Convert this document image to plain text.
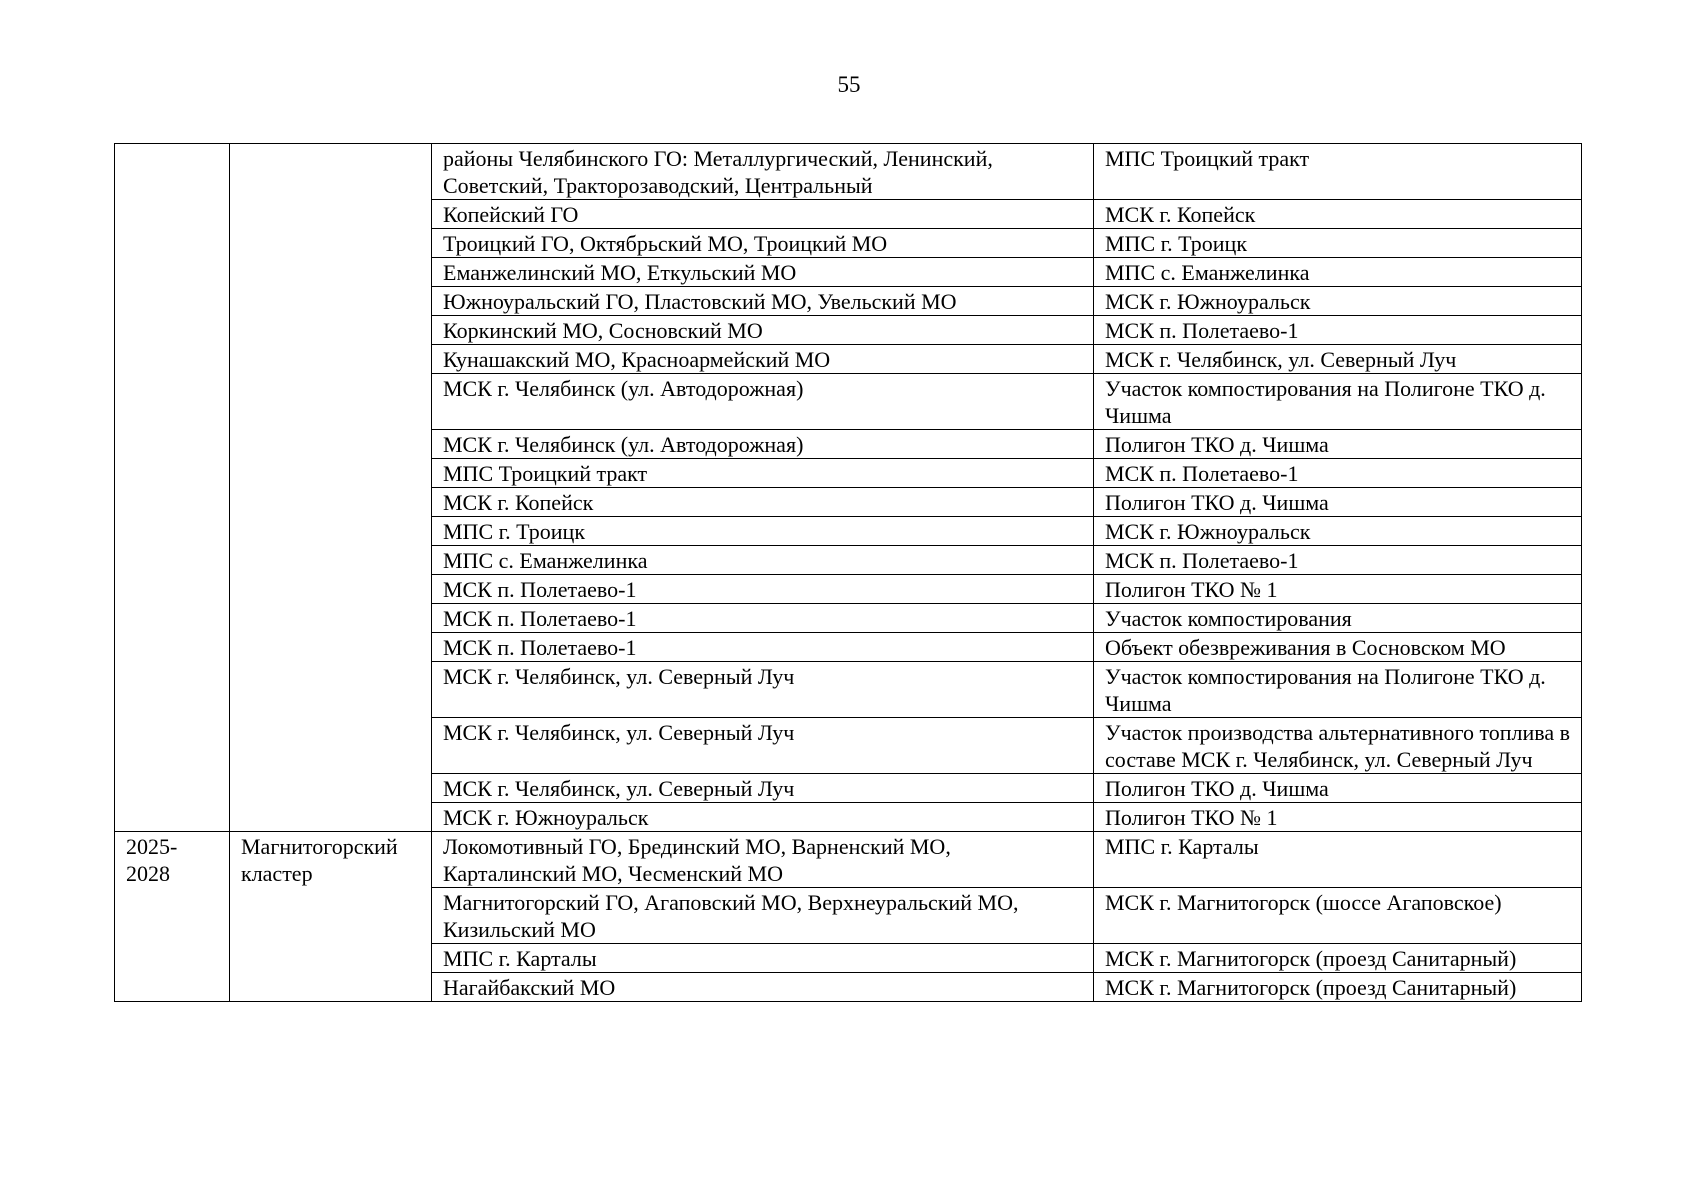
55
		районы Челябинского ГО: Металлургический, Ленинский, Советский, Тракторозаводский, Центральный	МПС Троицкий тракт
		Копейский ГО	МСК г. Копейск
		Троицкий ГО, Октябрьский МО, Троицкий МО	МПС г. Троицк
		Еманжелинский МО, Еткульский МО	МПС с. Еманжелинка
		Южноуральский ГО, Пластовский МО, Увельский МО	МСК г. Южноуральск
		Коркинский МО, Сосновский МО	МСК п. Полетаево-1
		Кунашакский МО, Красноармейский МО	МСК г. Челябинск, ул. Северный Луч
		МСК г. Челябинск (ул. Автодорожная)	Участок компостирования на Полигоне ТКО д. Чишма
		МСК г. Челябинск (ул. Автодорожная)	Полигон ТКО д. Чишма
		МПС Троицкий тракт	МСК п. Полетаево-1
		МСК г. Копейск	Полигон ТКО д. Чишма
		МПС г. Троицк	МСК г. Южноуральск
		МПС с. Еманжелинка	МСК п. Полетаево-1
		МСК п. Полетаево-1	Полигон ТКО № 1
		МСК п. Полетаево-1	Участок компостирования
		МСК п. Полетаево-1	Объект обезвреживания в Сосновском МО
		МСК г. Челябинск, ул. Северный Луч	Участок компостирования на Полигоне ТКО д. Чишма
		МСК г. Челябинск, ул. Северный Луч	Участок производства альтернативного топлива в составе МСК г. Челябинск, ул. Северный Луч
		МСК г. Челябинск, ул. Северный Луч	Полигон ТКО д. Чишма
		МСК г. Южноуральск	Полигон ТКО № 1
2025-2028	Магнитогорский кластер	Локомотивный ГО, Брединский МО, Варненский МО, Карталинский МО, Чесменский МО	МПС г. Карталы
		Магнитогорский ГО, Агаповский МО, Верхнеуральский МО, Кизильский МО	МСК г. Магнитогорск (шоссе Агаповское)
		МПС г. Карталы	МСК г. Магнитогорск (проезд Санитарный)
		Нагайбакский МО	МСК г. Магнитогорск (проезд Санитарный)
